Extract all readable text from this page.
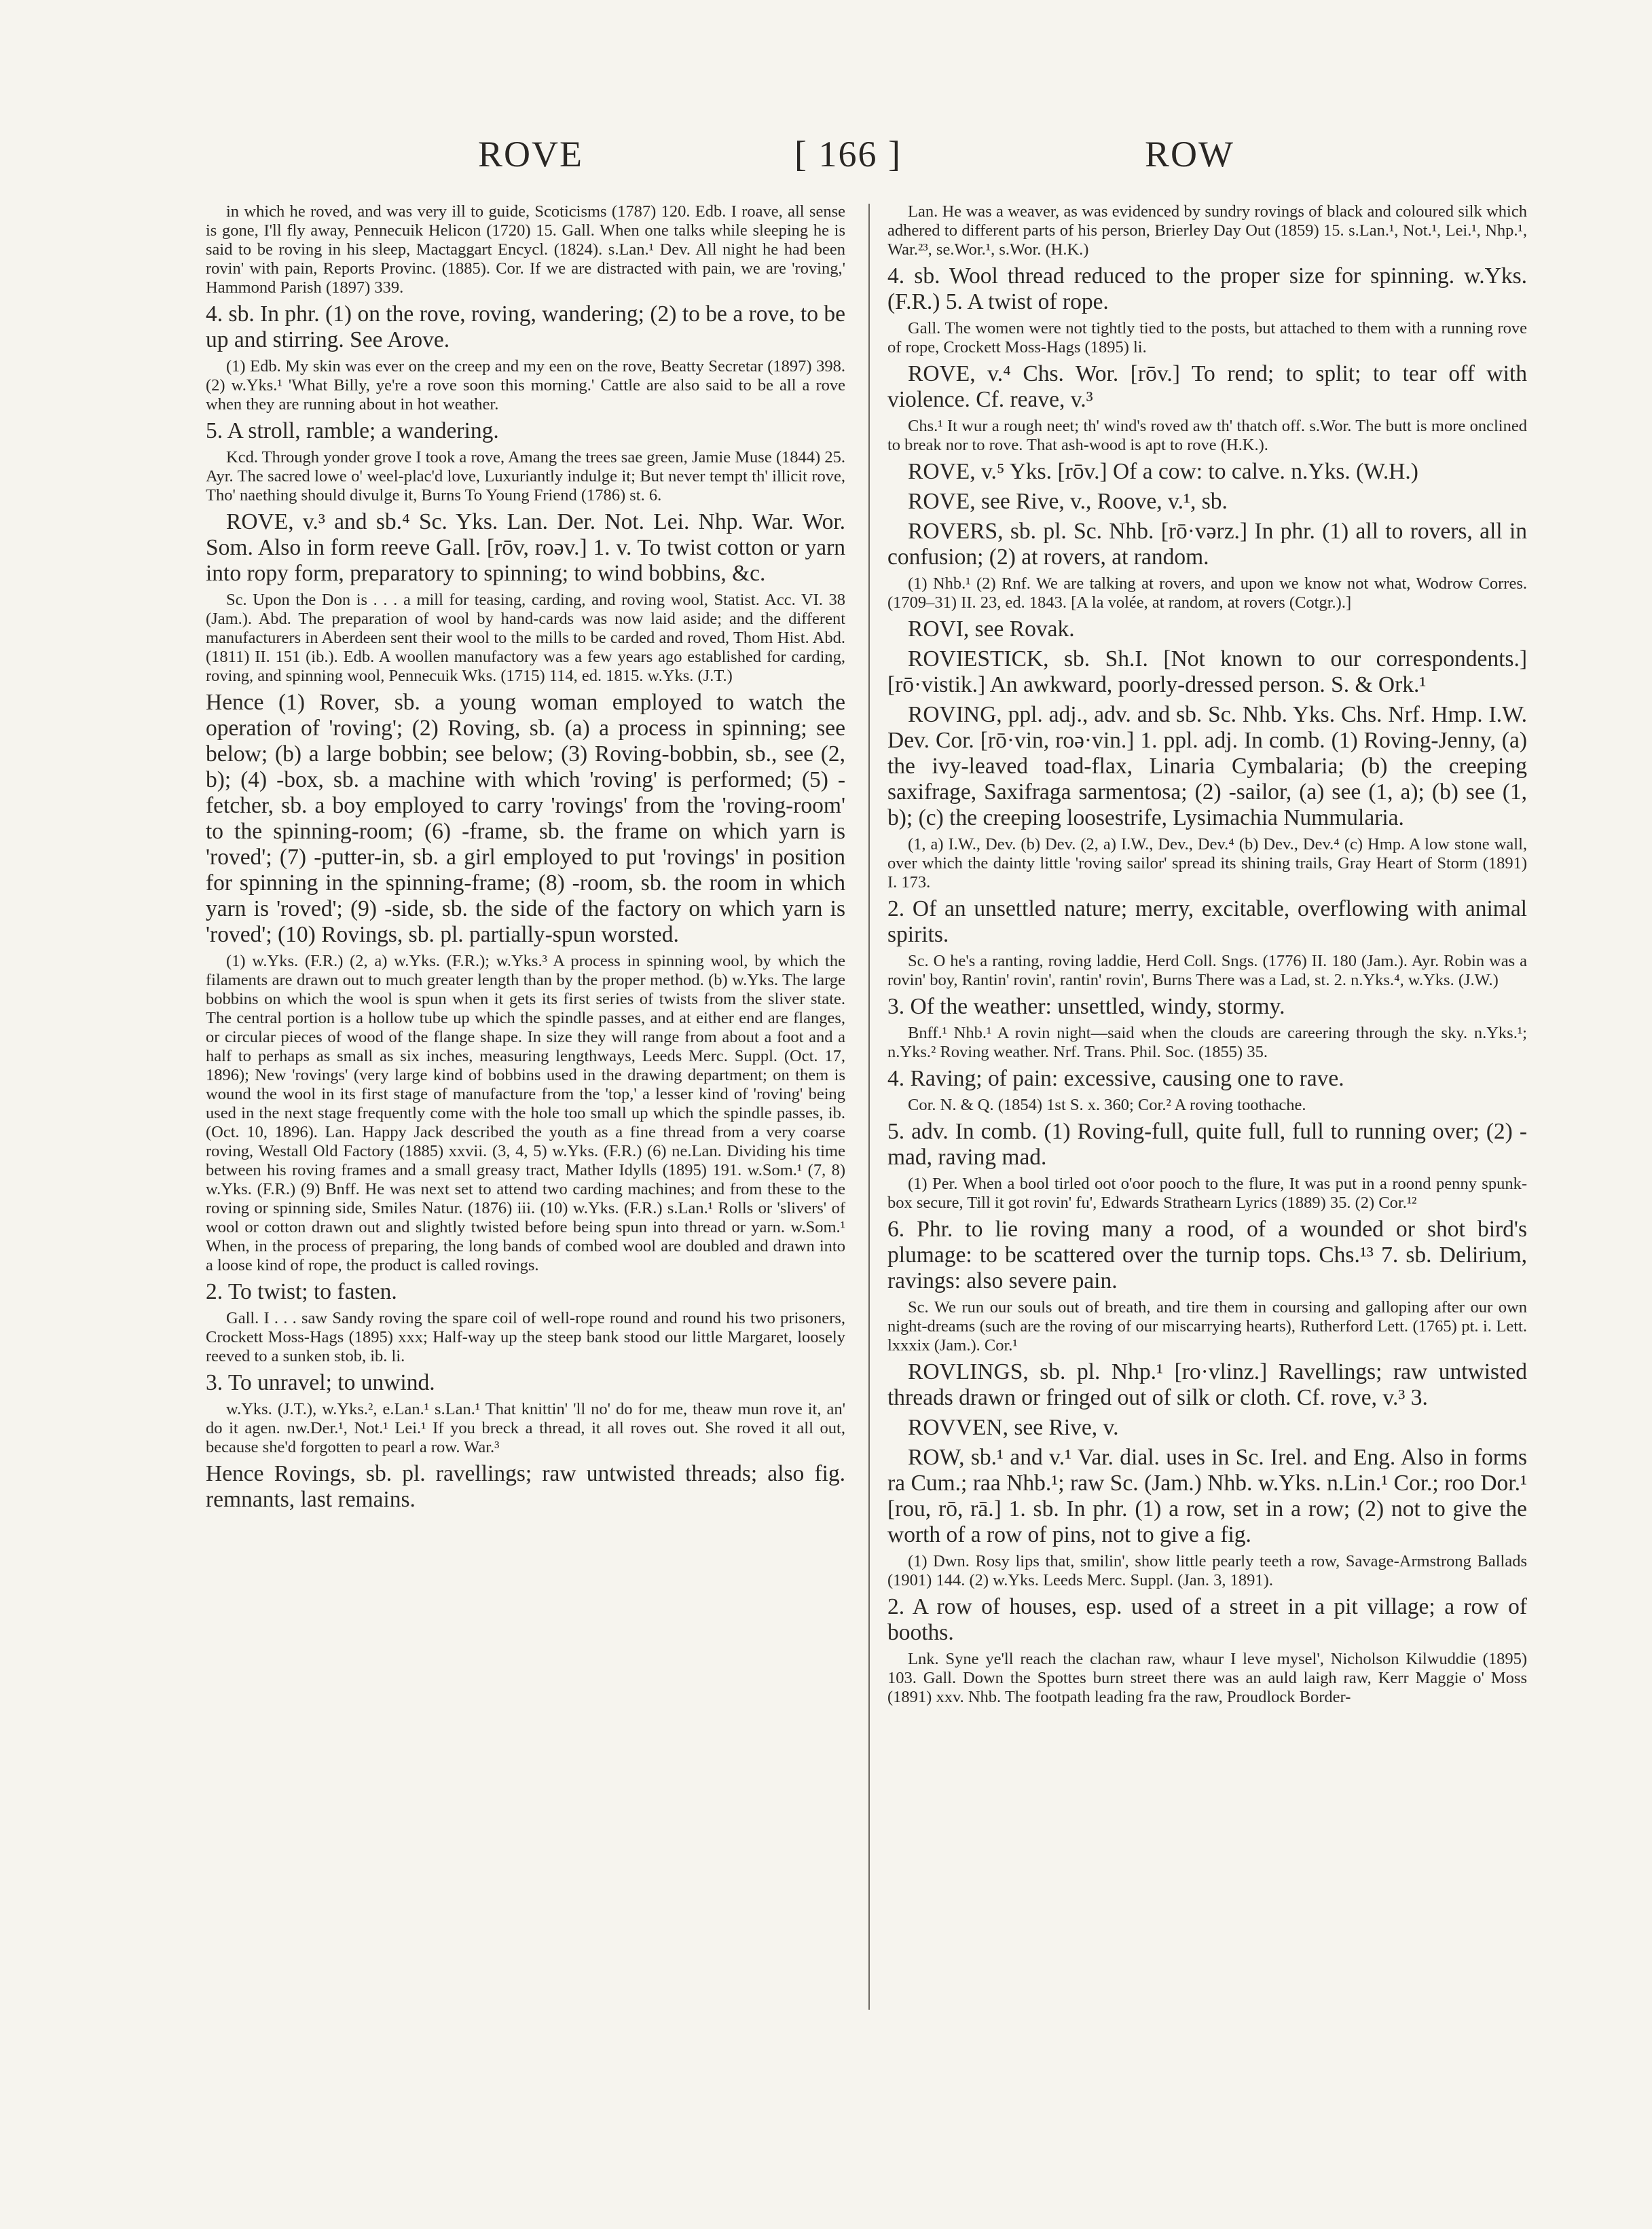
ROVE	[ 166 ]	ROW

in which he roved, and was very ill to guide, Scoticisms (1787) 120. Edb. I roave, all sense is gone, I'll fly away, Pennecuik Helicon (1720) 15. Gall. When one talks while sleeping he is said to be roving in his sleep, Mactaggart Encycl. (1824). s.Lan.¹ Dev. All night he had been rovin' with pain, Reports Provinc. (1885). Cor. If we are distracted with pain, we are 'roving,' Hammond Parish (1897) 339.

4. sb. In phr. (1) on the rove, roving, wandering; (2) to be a rove, to be up and stirring. See Arove.

(1) Edb. My skin was ever on the creep and my een on the rove, Beatty Secretar (1897) 398. (2) w.Yks.¹ 'What Billy, ye're a rove soon this morning.' Cattle are also said to be all a rove when they are running about in hot weather.

5. A stroll, ramble; a wandering.

Kcd. Through yonder grove I took a rove, Amang the trees sae green, Jamie Muse (1844) 25. Ayr. The sacred lowe o' weel-plac'd love, Luxuriantly indulge it; But never tempt th' illicit rove, Tho' naething should divulge it, Burns To Young Friend (1786) st. 6.

ROVE, v.³ and sb.⁴ Sc. Yks. Lan. Der. Not. Lei. Nhp. War. Wor. Som. Also in form reeve Gall. [rōv, roəv.] 1. v. To twist cotton or yarn into ropy form, preparatory to spinning; to wind bobbins, &c.

Sc. Upon the Don is . . . a mill for teasing, carding, and roving wool, Statist. Acc. VI. 38 (Jam.). Abd. The preparation of wool by hand-cards was now laid aside; and the different manufacturers in Aberdeen sent their wool to the mills to be carded and roved, Thom Hist. Abd. (1811) II. 151 (ib.). Edb. A woollen manufactory was a few years ago established for carding, roving, and spinning wool, Pennecuik Wks. (1715) 114, ed. 1815. w.Yks. (J.T.)

Hence (1) Rover, sb. a young woman employed to watch the operation of 'roving'; (2) Roving, sb. (a) a process in spinning; see below; (b) a large bobbin; see below; (3) Roving-bobbin, sb., see (2, b); (4) -box, sb. a machine with which 'roving' is performed; (5) -fetcher, sb. a boy employed to carry 'rovings' from the 'roving-room' to the spinning-room; (6) -frame, sb. the frame on which yarn is 'roved'; (7) -putter-in, sb. a girl employed to put 'rovings' in position for spinning in the spinning-frame; (8) -room, sb. the room in which yarn is 'roved'; (9) -side, sb. the side of the factory on which yarn is 'roved'; (10) Rovings, sb. pl. partially-spun worsted.

(1) w.Yks. (F.R.) (2, a) w.Yks. (F.R.); w.Yks.³ A process in spinning wool, by which the filaments are drawn out to much greater length than by the proper method. (b) w.Yks. The large bobbins on which the wool is spun when it gets its first series of twists from the sliver state. The central portion is a hollow tube up which the spindle passes, and at either end are flanges, or circular pieces of wood of the flange shape. In size they will range from about a foot and a half to perhaps as small as six inches, measuring lengthways, Leeds Merc. Suppl. (Oct. 17, 1896); New 'rovings' (very large kind of bobbins used in the drawing department; on them is wound the wool in its first stage of manufacture from the 'top,' a lesser kind of 'roving' being used in the next stage frequently come with the hole too small up which the spindle passes, ib. (Oct. 10, 1896). Lan. Happy Jack described the youth as a fine thread from a very coarse roving, Westall Old Factory (1885) xxvii. (3, 4, 5) w.Yks. (F.R.) (6) ne.Lan. Dividing his time between his roving frames and a small greasy tract, Mather Idylls (1895) 191. w.Som.¹ (7, 8) w.Yks. (F.R.) (9) Bnff. He was next set to attend two carding machines; and from these to the roving or spinning side, Smiles Natur. (1876) iii. (10) w.Yks. (F.R.) s.Lan.¹ Rolls or 'slivers' of wool or cotton drawn out and slightly twisted before being spun into thread or yarn. w.Som.¹ When, in the process of preparing, the long bands of combed wool are doubled and drawn into a loose kind of rope, the product is called rovings.

2. To twist; to fasten.

Gall. I . . . saw Sandy roving the spare coil of well-rope round and round his two prisoners, Crockett Moss-Hags (1895) xxx; Half-way up the steep bank stood our little Margaret, loosely reeved to a sunken stob, ib. li.

3. To unravel; to unwind.

w.Yks. (J.T.), w.Yks.², e.Lan.¹ s.Lan.¹ That knittin' 'll no' do for me, theaw mun rove it, an' do it agen. nw.Der.¹, Not.¹ Lei.¹ If you breck a thread, it all roves out. She roved it all out, because she'd forgotten to pearl a row. War.³

Hence Rovings, sb. pl. ravellings; raw untwisted threads; also fig. remnants, last remains.

Lan. He was a weaver, as was evidenced by sundry rovings of black and coloured silk which adhered to different parts of his person, Brierley Day Out (1859) 15. s.Lan.¹, Not.¹, Lei.¹, Nhp.¹, War.²³, se.Wor.¹, s.Wor. (H.K.)

4. sb. Wool thread reduced to the proper size for spinning. w.Yks. (F.R.) 5. A twist of rope.

Gall. The women were not tightly tied to the posts, but attached to them with a running rove of rope, Crockett Moss-Hags (1895) li.

ROVE, v.⁴ Chs. Wor. [rōv.] To rend; to split; to tear off with violence. Cf. reave, v.³

Chs.¹ It wur a rough neet; th' wind's roved aw th' thatch off. s.Wor. The butt is more onclined to break nor to rove. That ash-wood is apt to rove (H.K.).

ROVE, v.⁵ Yks. [rōv.] Of a cow: to calve. n.Yks. (W.H.)

ROVE, see Rive, v., Roove, v.¹, sb.

ROVERS, sb. pl. Sc. Nhb. [rō·vərz.] In phr. (1) all to rovers, all in confusion; (2) at rovers, at random.

(1) Nhb.¹ (2) Rnf. We are talking at rovers, and upon we know not what, Wodrow Corres. (1709–31) II. 23, ed. 1843. [A la volée, at random, at rovers (Cotgr.).]

ROVI, see Rovak.

ROVIESTICK, sb. Sh.I. [Not known to our correspondents.] [rō·vistik.] An awkward, poorly-dressed person. S. & Ork.¹

ROVING, ppl. adj., adv. and sb. Sc. Nhb. Yks. Chs. Nrf. Hmp. I.W. Dev. Cor. [rō·vin, roə·vin.] 1. ppl. adj. In comb. (1) Roving-Jenny, (a) the ivy-leaved toad-flax, Linaria Cymbalaria; (b) the creeping saxifrage, Saxifraga sarmentosa; (2) -sailor, (a) see (1, a); (b) see (1, b); (c) the creeping loosestrife, Lysimachia Nummularia.

(1, a) I.W., Dev. (b) Dev. (2, a) I.W., Dev., Dev.⁴ (b) Dev., Dev.⁴ (c) Hmp. A low stone wall, over which the dainty little 'roving sailor' spread its shining trails, Gray Heart of Storm (1891) I. 173.

2. Of an unsettled nature; merry, excitable, overflowing with animal spirits.

Sc. O he's a ranting, roving laddie, Herd Coll. Sngs. (1776) II. 180 (Jam.). Ayr. Robin was a rovin' boy, Rantin' rovin', rantin' rovin', Burns There was a Lad, st. 2. n.Yks.⁴, w.Yks. (J.W.)

3. Of the weather: unsettled, windy, stormy.

Bnff.¹ Nhb.¹ A rovin night—said when the clouds are careering through the sky. n.Yks.¹; n.Yks.² Roving weather. Nrf. Trans. Phil. Soc. (1855) 35.

4. Raving; of pain: excessive, causing one to rave.

Cor. N. & Q. (1854) 1st S. x. 360; Cor.² A roving toothache.

5. adv. In comb. (1) Roving-full, quite full, full to running over; (2) -mad, raving mad.

(1) Per. When a bool tirled oot o'oor pooch to the flure, It was put in a roond penny spunk-box secure, Till it got rovin' fu', Edwards Strathearn Lyrics (1889) 35. (2) Cor.¹²

6. Phr. to lie roving many a rood, of a wounded or shot bird's plumage: to be scattered over the turnip tops. Chs.¹³ 7. sb. Delirium, ravings: also severe pain.

Sc. We run our souls out of breath, and tire them in coursing and galloping after our own night-dreams (such are the roving of our miscarrying hearts), Rutherford Lett. (1765) pt. i. Lett. lxxxix (Jam.). Cor.¹

ROVLINGS, sb. pl. Nhp.¹ [ro·vlinz.] Ravellings; raw untwisted threads drawn or fringed out of silk or cloth. Cf. rove, v.³ 3.

ROVVEN, see Rive, v.

ROW, sb.¹ and v.¹ Var. dial. uses in Sc. Irel. and Eng. Also in forms ra Cum.; raa Nhb.¹; raw Sc. (Jam.) Nhb. w.Yks. n.Lin.¹ Cor.; roo Dor.¹ [rou, rō, rā.] 1. sb. In phr. (1) a row, set in a row; (2) not to give the worth of a row of pins, not to give a fig.

(1) Dwn. Rosy lips that, smilin', show little pearly teeth a row, Savage-Armstrong Ballads (1901) 144. (2) w.Yks. Leeds Merc. Suppl. (Jan. 3, 1891).

2. A row of houses, esp. used of a street in a pit village; a row of booths.

Lnk. Syne ye'll reach the clachan raw, whaur I leve mysel', Nicholson Kilwuddie (1895) 103. Gall. Down the Spottes burn street there was an auld laigh raw, Kerr Maggie o' Moss (1891) xxv. Nhb. The footpath leading fra the raw, Proudlock Border-
